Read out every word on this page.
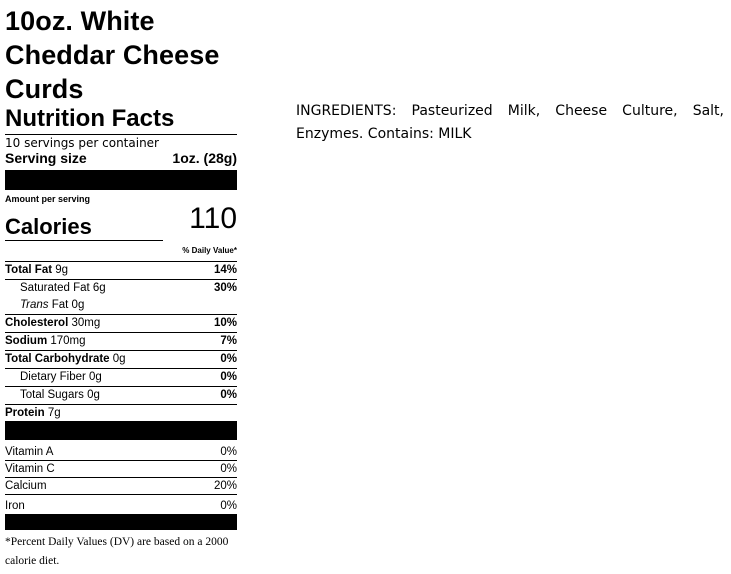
10oz. White Cheddar Cheese Curds
Nutrition Facts
10 servings per container
Serving size	1oz. (28g)
Amount per serving
Calories	110
% Daily Value*
Total Fat 9g	14%
Saturated Fat 6g	30%
Trans Fat 0g
Cholesterol 30mg	10%
Sodium 170mg	7%
Total Carbohydrate 0g	0%
Dietary Fiber 0g	0%
Total Sugars 0g	0%
Protein 7g
Vitamin A	0%
Vitamin C	0%
Calcium	20%
Iron	0%
*Percent Daily Values (DV) are based on a 2000 calorie diet.
INGREDIENTS: Pasteurized Milk, Cheese Culture, Salt, Enzymes. Contains: MILK
